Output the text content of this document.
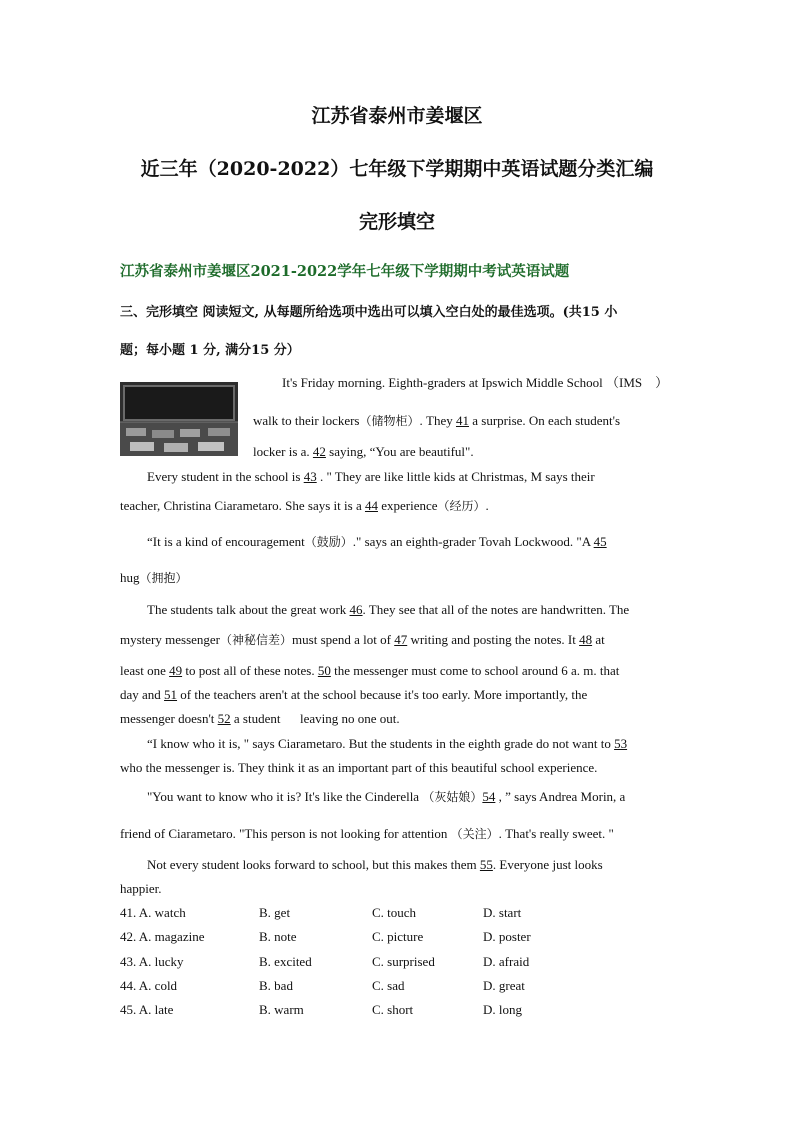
江苏省泰州市姜堰区
近三年（2020-2022）七年级下学期期中英语试题分类汇编
完形填空
江苏省泰州市姜堰区2021-2022学年七年级下学期期中考试英语试题
三、完形填空 阅读短文, 从每题所给选项中选出可以填入空白处的最佳选项。(共15 小
题；每小题 1 分, 满分15 分）
It's Friday morning. Eighth-graders at Ipswich Middle School （IMS　）
walk to their lockers（储物柜）. They 41 a surprise. On each student's
locker is a. 42 saying, “You are beautiful".
Every student in the school is 43 . " They are like little kids at Christmas, M says their
teacher, Christina Ciarametaro. She says it is a 44 experience（经历）.
“It is a kind of encouragement（鼓励）." says an eighth-grader Tovah Lockwood. "A 45
hug（拥抱）
The students talk about the great work 46. They see that all of the notes are handwritten. The
mystery messenger（神秘信差）must spend a lot of 47 writing and posting the notes. It 48 at
least one 49 to post all of these notes. 50 the messenger must come to school around 6 a. m. that
day and 51 of the teachers aren't at the school because it's too early. More importantly, the
messenger doesn't 52 a student      leaving no one out.
“I know who it is, " says Ciarametaro. But the students in the eighth grade do not want to 53
who the messenger is. They think it as an important part of this beautiful school experience.
"You want to know who it is? It's like the Cinderella （灰姑娘）54 , ” says Andrea Morin, a
friend of Ciarametaro. "This person is not looking for attention （关注）. That's really sweet. "
Not every student looks forward to school, but this makes them 55. Everyone just looks
happier.
41. A. watch	B. get	C. touch	D. start
42. A. magazine	B. note	C. picture	D. poster
43. A. lucky	B. excited	C. surprised	D. afraid
44. A. cold	B. bad	C. sad	D. great
45. A. late	B. warm	C. short	D. long
